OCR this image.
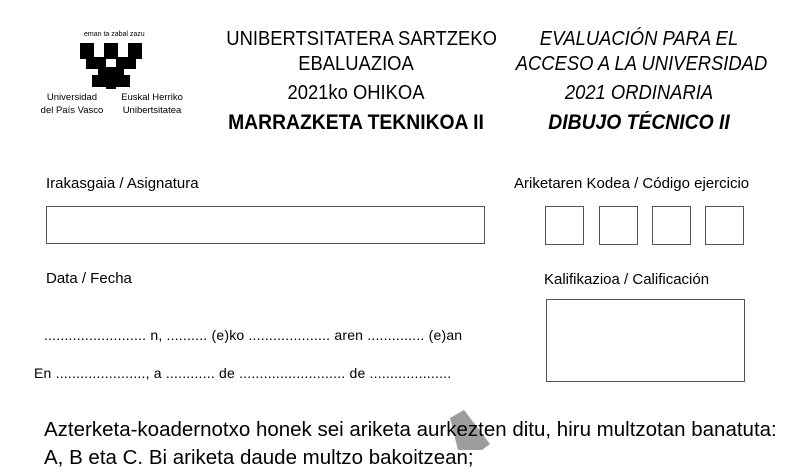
eman ta zabal zazu
Universidad
del País Vasco
Euskal Herriko
Unibertsitatea
UNIBERTSITATERA SARTZEKO
EBALUAZIOA
2021ko OHIKOA
MARRAZKETA TEKNIKOA II
EVALUACIÓN PARA EL
ACCESO A LA UNIVERSIDAD
2021 ORDINARIA
DIBUJO TÉCNICO II
Irakasgaia / Asignatura	Ariketaren Kodea / Código ejercicio
Data / Fecha
......................... n, .......... (e)ko .................... aren .............. (e)an
En ......................, a ............ de .......................... de ....................
Kalifikazioa / Calificación
Azterketa-koadernotxo honek sei ariketa aurkezten ditu, hiru multzotan banatuta: A, B eta C. Bi ariketa daude multzo bakoitzean;
